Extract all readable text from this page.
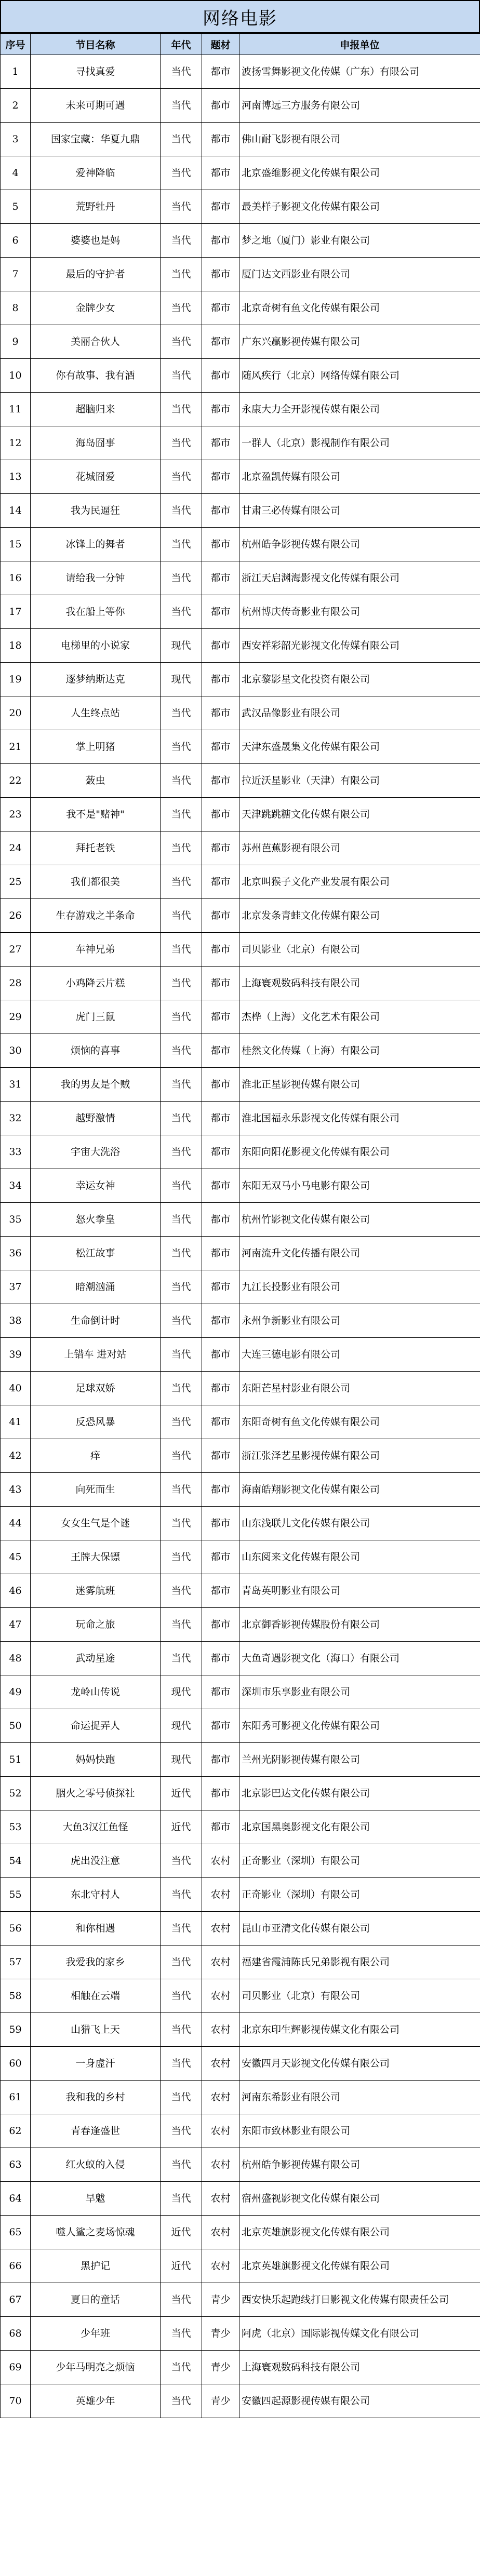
网络电影
序号	节目名称	年代	题材	申报单位
1	寻找真爱	当代	都市	波扬雪舞影视文化传媒（广东）有限公司
2	未来可期可遇	当代	都市	河南博远三方服务有限公司
3	国家宝藏：华夏九鼎	当代	都市	佛山耐飞影视有限公司
4	爱神降临	当代	都市	北京盛维影视文化传媒有限公司
5	荒野牡丹	当代	都市	最美样子影视文化传媒有限公司
6	婆婆也是妈	当代	都市	梦之地（厦门）影业有限公司
7	最后的守护者	当代	都市	厦门达文西影业有限公司
8	金牌少女	当代	都市	北京奇树有鱼文化传媒有限公司
9	美丽合伙人	当代	都市	广东兴赢影视传媒有限公司
10	你有故事、我有酒	当代	都市	随风疾行（北京）网络传媒有限公司
11	超脑归来	当代	都市	永康大力全开影视传媒有限公司
12	海岛囧事	当代	都市	一群人（北京）影视制作有限公司
13	花城囧爱	当代	都市	北京盈凯传媒有限公司
14	我为民逼狂	当代	都市	甘肃三必传媒有限公司
15	冰锋上的舞者	当代	都市	杭州皓争影视传媒有限公司
16	请给我一分钟	当代	都市	浙江天启渊海影视文化传媒有限公司
17	我在船上等你	当代	都市	杭州博庆传奇影业有限公司
18	电梯里的小说家	现代	都市	西安祥彩韶光影视文化传媒有限公司
19	逐梦纳斯达克	现代	都市	北京黎影星文化投资有限公司
20	人生终点站	当代	都市	武汉品像影业有限公司
21	掌上明猪	当代	都市	天津东盛晟集文化传媒有限公司
22	蔹虫	当代	都市	拉近沃星影业（天津）有限公司
23	我不是"赌神"	当代	都市	天津跳跳糖文化传媒有限公司
24	拜托老铁	当代	都市	苏州芭蕉影视有限公司
25	我们都很美	当代	都市	北京叫猴子文化产业发展有限公司
26	生存游戏之半条命	当代	都市	北京发条青蛙文化传媒有限公司
27	车神兄弟	当代	都市	司贝影业（北京）有限公司
28	小鸡降云片糕	当代	都市	上海寰观数码科技有限公司
29	虎门三鼠	当代	都市	杰桦（上海）文化艺术有限公司
30	烦恼的喜事	当代	都市	桂然文化传媒（上海）有限公司
31	我的男友是个贼	当代	都市	淮北正星影视传媒有限公司
32	越野激情	当代	都市	淮北国福永乐影视文化传媒有限公司
33	宇宙大洗浴	当代	都市	东阳向阳花影视文化传媒有限公司
34	幸运女神	当代	都市	东阳无双马小马电影有限公司
35	怒火拳皇	当代	都市	杭州竹影视文化传媒有限公司
36	松江故事	当代	都市	河南流升文化传播有限公司
37	暗潮汹涌	当代	都市	九江长投影业有限公司
38	生命倒计时	当代	都市	永州争新影业有限公司
39	上错车 进对站	当代	都市	大连三德电影有限公司
40	足球双娇	当代	都市	东阳芒星村影业有限公司
41	反恐风暴	当代	都市	东阳奇树有鱼文化传媒有限公司
42	痒	当代	都市	浙江张泽艺星影视传媒有限公司
43	向死而生	当代	都市	海南皓翔影视文化传媒有限公司
44	女女生气是个谜	当代	都市	山东浅联儿文化传媒有限公司
45	王牌大保镖	当代	都市	山东阅来文化传媒有限公司
46	迷雾航班	当代	都市	青岛英明影业有限公司
47	玩命之旅	当代	都市	北京御香影视传媒股份有限公司
48	武动星途	当代	都市	大鱼奇遇影视文化（海口）有限公司
49	龙岭山传说	现代	都市	深圳市乐享影业有限公司
50	命运捉弄人	现代	都市	东阳秀可影视文化传媒有限公司
51	妈妈快跑	现代	都市	兰州光阴影视传媒有限公司
52	胭火之零号侦探社	近代	都市	北京影巴达文化传媒有限公司
53	大鱼3汉江鱼怪	近代	都市	北京国黑奥影视文化有限公司
54	虎出没注意	当代	农村	正奇影业（深圳）有限公司
55	东北守村人	当代	农村	正奇影业（深圳）有限公司
56	和你相遇	当代	农村	昆山市亚清文化传媒有限公司
57	我爱我的家乡	当代	农村	福建省霞浦陈氏兄弟影视有限公司
58	相触在云端	当代	农村	司贝影业（北京）有限公司
59	山猎飞上天	当代	农村	北京东印生辉影视传媒文化有限公司
60	一身虚汗	当代	农村	安徽四月天影视文化传媒有限公司
61	我和我的乡村	当代	农村	河南东希影业有限公司
62	青春逢盛世	当代	农村	东阳市致林影业有限公司
63	红火蚁的入侵	当代	农村	杭州皓争影视传媒有限公司
64	旱魃	当代	农村	宿州盛视影视文化传媒有限公司
65	噬人鲨之麦场惊魂	近代	农村	北京英雄旗影视文化传媒有限公司
66	黑护记	近代	农村	北京英雄旗影视文化传媒有限公司
67	夏日的童话	当代	青少	西安快乐起跑线打日影视文化传媒有限责任公司
68	少年班	当代	青少	阿虎（北京）国际影视传媒文化有限公司
69	少年马明亮之烦恼	当代	青少	上海寰观数码科技有限公司
70	英雄少年	当代	青少	安徽四起源影视传媒有限公司
